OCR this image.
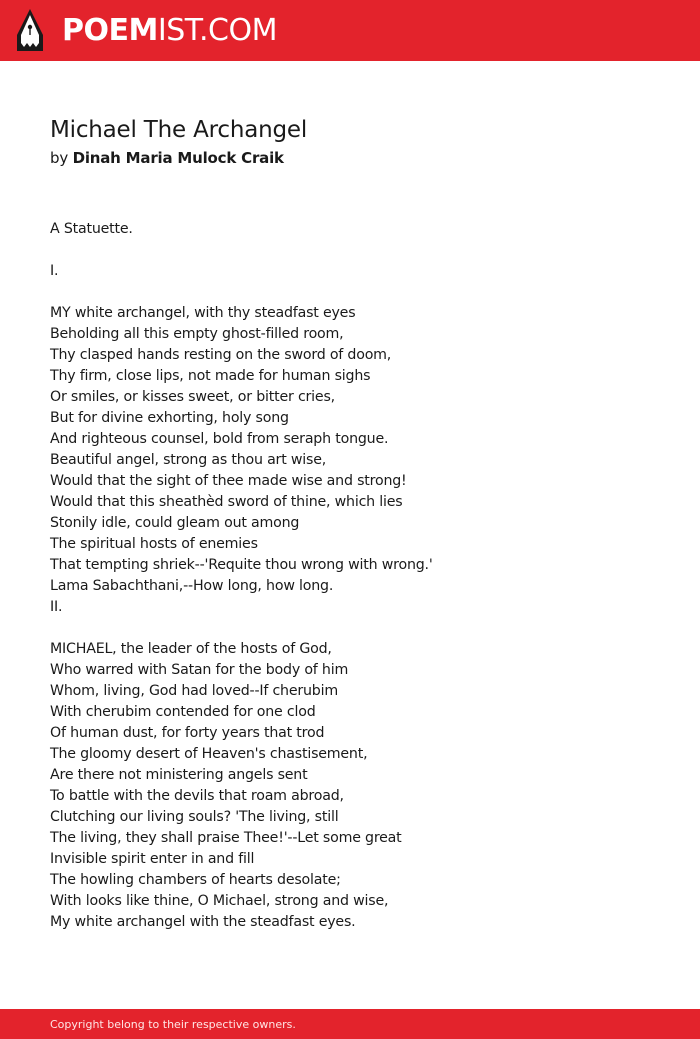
POEMIST.COM
Michael The Archangel
by Dinah Maria Mulock Craik
A Statuette.
I.
MY white archangel, with thy steadfast eyes
Beholding all this empty ghost-filled room,
Thy clasped hands resting on the sword of doom,
Thy firm, close lips, not made for human sighs
Or smiles, or kisses sweet, or bitter cries,
But for divine exhorting, holy song
And righteous counsel, bold from seraph tongue.
Beautiful angel, strong as thou art wise,
Would that the sight of thee made wise and strong!
Would that this sheathèd sword of thine, which lies
Stonily idle, could gleam out among
The spiritual hosts of enemies
That tempting shriek--'Requite thou wrong with wrong.'
Lama Sabachthani,--How long, how long.
II.
MICHAEL, the leader of the hosts of God,
Who warred with Satan for the body of him
Whom, living, God had loved--If cherubim
With cherubim contended for one clod
Of human dust, for forty years that trod
The gloomy desert of Heaven's chastisement,
Are there not ministering angels sent
To battle with the devils that roam abroad,
Clutching our living souls? 'The living, still
The living, they shall praise Thee!'--Let some great
Invisible spirit enter in and fill
The howling chambers of hearts desolate;
With looks like thine, O Michael, strong and wise,
My white archangel with the steadfast eyes.
Copyright belong to their respective owners.
